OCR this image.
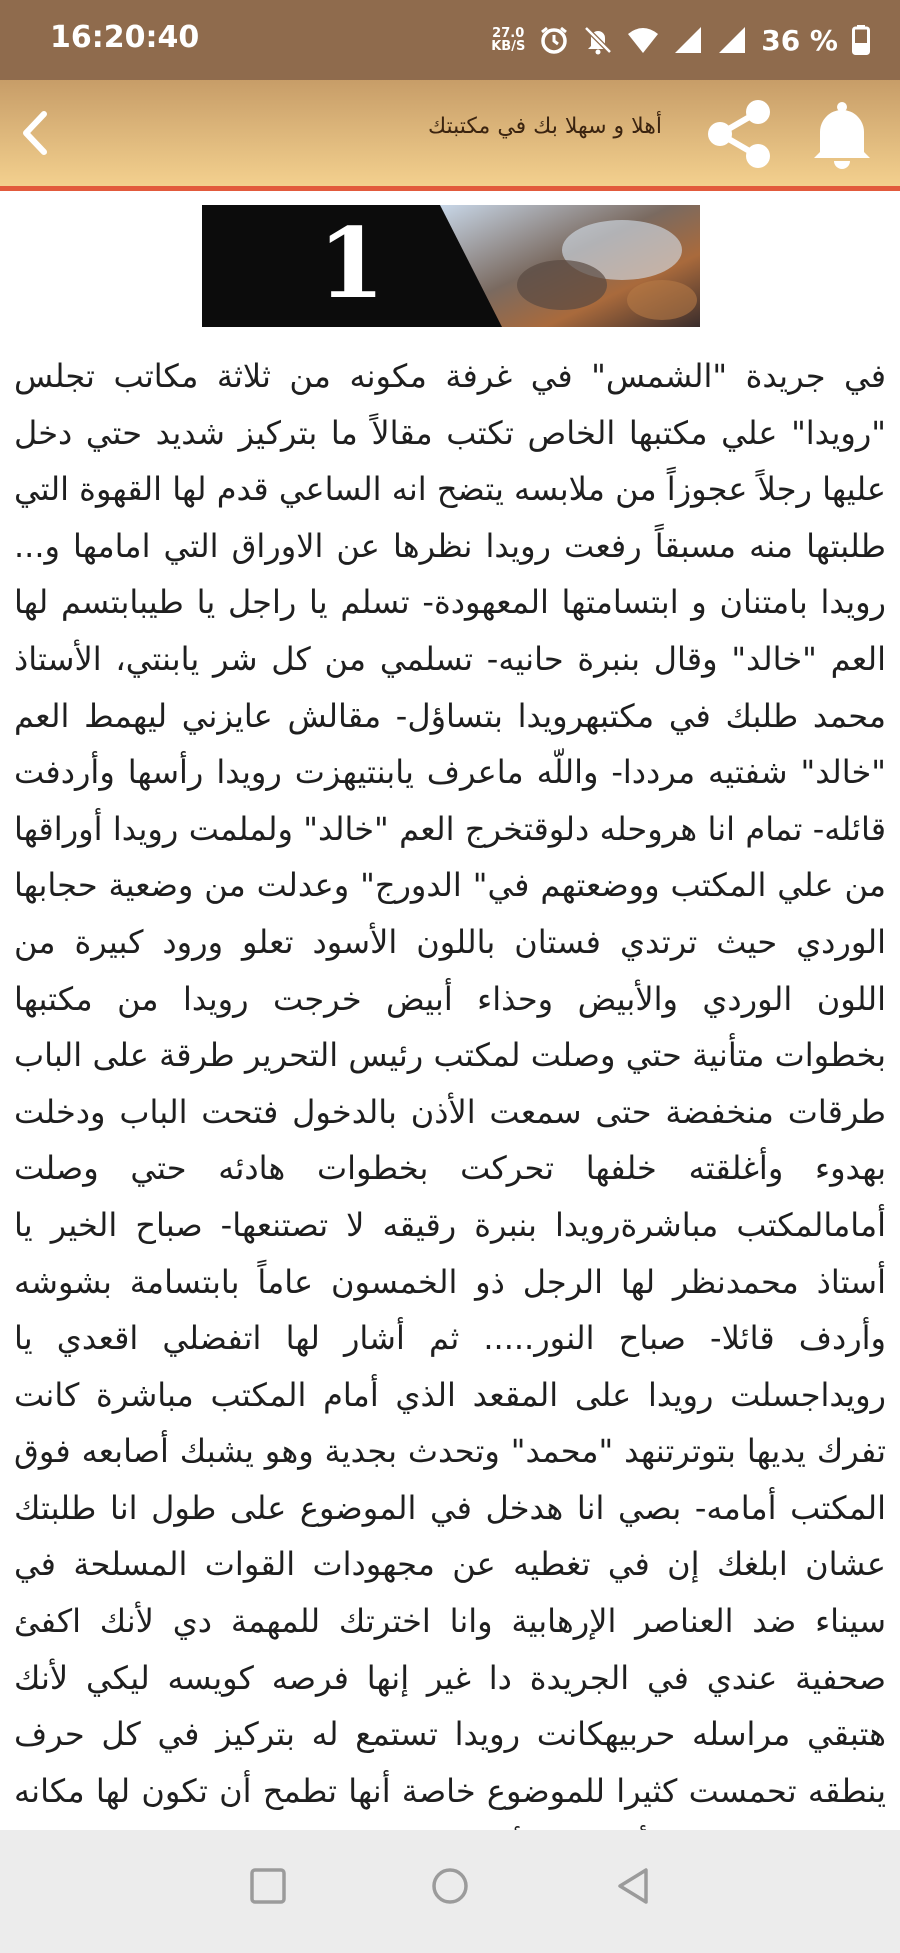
16:20:40	27.0
KB/S	36 %
أهلا و سهلا بك في مكتبتك
1
في جريدة "الشمس" في غرفة مكونه من ثلاثة مكاتب تجلس "رويدا" علي مكتبها الخاص تكتب مقالاً ما بتركيز شديد حتي دخل عليها رجلاً عجوزاً من ملابسه يتضح انه الساعي قدم لها القهوة التي طلبتها منه مسبقاً رفعت رويدا نظرها عن الاوراق التي امامها و... رويدا بامتنان و ابتسامتها المعهودة- تسلم يا راجل يا طيبابتسم لها العم "خالد" وقال بنبرة حانيه- تسلمي من كل شر يابنتي، الأستاذ محمد طلبك في مكتبهرويدا بتساؤل- مقالش عايزني ليهمط العم "خالد" شفتيه مرددا- واللّه ماعرف يابنتيهزت رويدا رأسها وأردفت قائله- تمام انا هروحله دلوقتخرج العم "خالد" ولملمت رويدا أوراقها من علي المكتب ووضعتهم في" الدورج" وعدلت من وضعية حجابها الوردي حيث ترتدي فستان باللون الأسود تعلو ورود كبيرة من اللون الوردي والأبيض وحذاء أبيض خرجت رويدا من مكتبها بخطوات متأنية حتي وصلت لمكتب رئيس التحرير طرقة على الباب طرقات منخفضة حتى سمعت الأذن بالدخول فتحت الباب ودخلت بهدوء وأغلقته خلفها تحركت بخطوات هادئه حتي وصلت أمامالمكتب مباشرةرويدا بنبرة رقيقه لا تصتنعها- صباح الخير يا أستاذ محمدنظر لها الرجل ذو الخمسون عاماً بابتسامة بشوشه وأردف قائلا- صباح النور..... ثم أشار لها اتفضلي اقعدي يا رويداجسلت رويدا على المقعد الذي أمام المكتب مباشرة كانت تفرك يديها بتوترتنهد "محمد" وتحدث بجدية وهو يشبك أصابعه فوق المكتب أمامه- بصي انا هدخل في الموضوع على طول انا طلبتك عشان ابلغك إن في تغطيه عن مجهودات القوات المسلحة في سيناء ضد العناصر الإرهابية وانا اخترتك للمهمة دي لأنك اكفئ صحفية عندي في الجريدة دا غير إنها فرصه كويسه ليكي لأنك هتبقي مراسله حربيهكانت رويدا تستمع له بتركيز في كل حرف ينطقه تحمست كثيرا للموضوع خاصة أنها تطمح أن تكون لها مكانه
